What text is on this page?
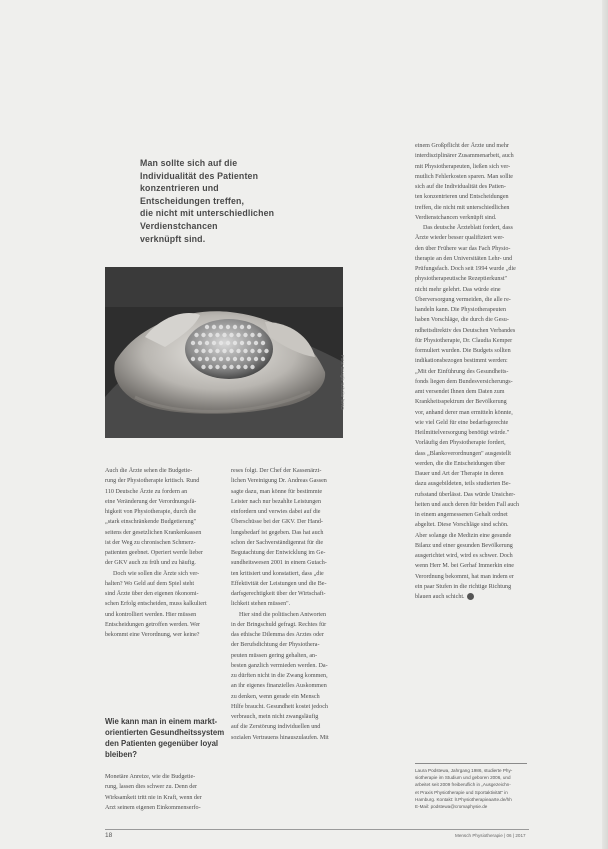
Man sollte sich auf die
Individualität des Patienten
konzentrieren und
Entscheidungen treffen,
die nicht mit unterschiedlichen
Verdienstchancen
verknüpft sind.
Foto: Google Scholar /ERO
Auch die Ärzte sehen die Budgetie-
rung der Physiotherapie kritisch. Rund
110 Deutsche Ärzte zu fordern an
eine Veränderung der Verordnungsfä-
higkeit von Physiotherapie, durch die
„stark einschränkende Budgetierung"
seitens der gesetzlichen Krankenkassen
ist der Weg zu chronischen Schmerz-
patienten geebnet. Operiert werde lieber
der GKV auch zu früh und zu häufig.
Doch wie sollen die Ärzte sich ver-
halten? Wo Geld auf dem Spiel steht
sind Ärzte über den eigenen ökonomi-
schen Erfolg entscheiden, muss kalkuliert
und kontrolliert werden. Hier müssen
Entscheidungen getroffen werden. Wer
bekommt eine Verordnung, wer keine?
Wie kann man in einem markt-
orientierten Gesundheitssystem
den Patienten gegenüber loyal
bleiben?
Monetäre Anreize, wie die Budgetie-
rung, lassen dies schwer zu. Denn der
Wirksamkeit tritt nie in Kraft, wenn der
Arzt seinem eigenen Einkommenserfo-
reses folgt. Der Chef der Kassenärzt-
lichen Vereinigung Dr. Andreas Gassen
sagte dazu, man könne für bestimmte
Leister nach nur bezahlte Leistungen
einfordern und verwies dabei auf die
Überschüsse bei der GKV. Der Hand-
lungsbedarf ist gegeben. Das hat auch
schon der Sachverständigenrat für die
Begutachtung der Entwicklung im Ge-
sundheitswesen 2001 in einem Gutach-
ten kritisiert und konstatiert, dass „die
Effektivität der Leistungen und die Be-
darfsgerechtigkeit über der Wirtschaft-
lichkeit stehen müssen".
Hier sind die politischen Antworten
in der Bringschuld gefragt. Rechtes für
das ethische Dilemma des Arztes oder
der Berufsdichtung der Physiothera-
peuten müssen gering gehalten, an-
besten ganzlich vermieden werden. Da-
zu dürften nicht in die Zwang kommen,
an ihr eigenes finanzielles Auskommen
zu denken, wenn gerade ein Mensch
Hilfe braucht. Gesundheit kostet jedoch
verbrauch, mein nicht zwangsläufig
auf die Zerstörung individuellen und
sozialen Vertrauens hinauszulaufen. Mit
einem Großpflicht der Ärzte und mehr
interdisziplinärer Zusammenarbeit, auch
mit Physiotherapeuten, ließen sich ver-
mutlich Fehlerkosten sparen. Man sollte
sich auf die Individualität des Patien-
ten konzentrieren und Entscheidungen
treffen, die nicht mit unterschiedlichen
Verdienstchancen verknüpft sind.
Das deutsche Ärzteblatt fordert, dass
Ärzte wieder besser qualifiziert wer-
den über Frühere war das Fach Physio-
therapie an den Universitäten Lehr- und
Prüfungsfach. Doch seit 1994 wurde „die
physiotherapeutische Rezeptierkunst"
nicht mehr gelehrt. Das würde eine
Überversorgung vermeiden, die alle re-
handeln kann. Die Physiotherapeuten
haben Vorschläge, die durch die Gesu-
ndheitsdirektiv des Deutschen Verbandes
für Physiotherapie, Dr. Claudia Kemper
formuliert wurden. Die Budgets sollten
indikationsbezogen bestimmt werden:
„Mit der Einführung des Gesundheits-
fonds liegen dem Bundesversicherungs-
amt versendet Ihnen dem Daten zum
Krankheitsspektrum der Bevölkerung
vor, anhand derer man ermitteln könnte,
wie viel Geld für eine bedarfsgerechte
Heilmittelversorgung benötigt würde."
Vorläufig den Physiotherapie fordert,
dass „Blankoverordnungen" ausgestellt
werden, die die Entscheidungen über
Dauer und Art der Therapie in deren
dazu ausgebildeten, teils studierten Be-
rufsstand überlässt. Das würde Unsicher-
heiten und auch deren für beiden Fall auch
in einem angemessenen Gehalt ordnet
abgeltet. Diese Vorschläge sind schön.
Aber solange die Medizin eine gesunde
Bilanz und einer gesunden Bevölkerung
ausgerichtet wird, wird es schwer. Doch
wenn Herr M. bei Gerhaf Immerkin eine
Verordnung bekommt, hat man indem er
ein paar Stufen in die richtige Richtung
blauen auch schicht.
Laura Podstewa, Jahrgang 1986, studierte Phy-
siotherapie im Studium und geboren 2006, und
arbeitet seit 2009 freiberuflich in „Ausgezeichn-
et Praxis Physiotherapie und Sportaktivität" in
Hamburg. Kontakt: lr.Physiotherapieaarte.de/hh
E-Mail: podstewa@cromaphysie.de
18	Mensch Physiotherapie | 06 | 2017
